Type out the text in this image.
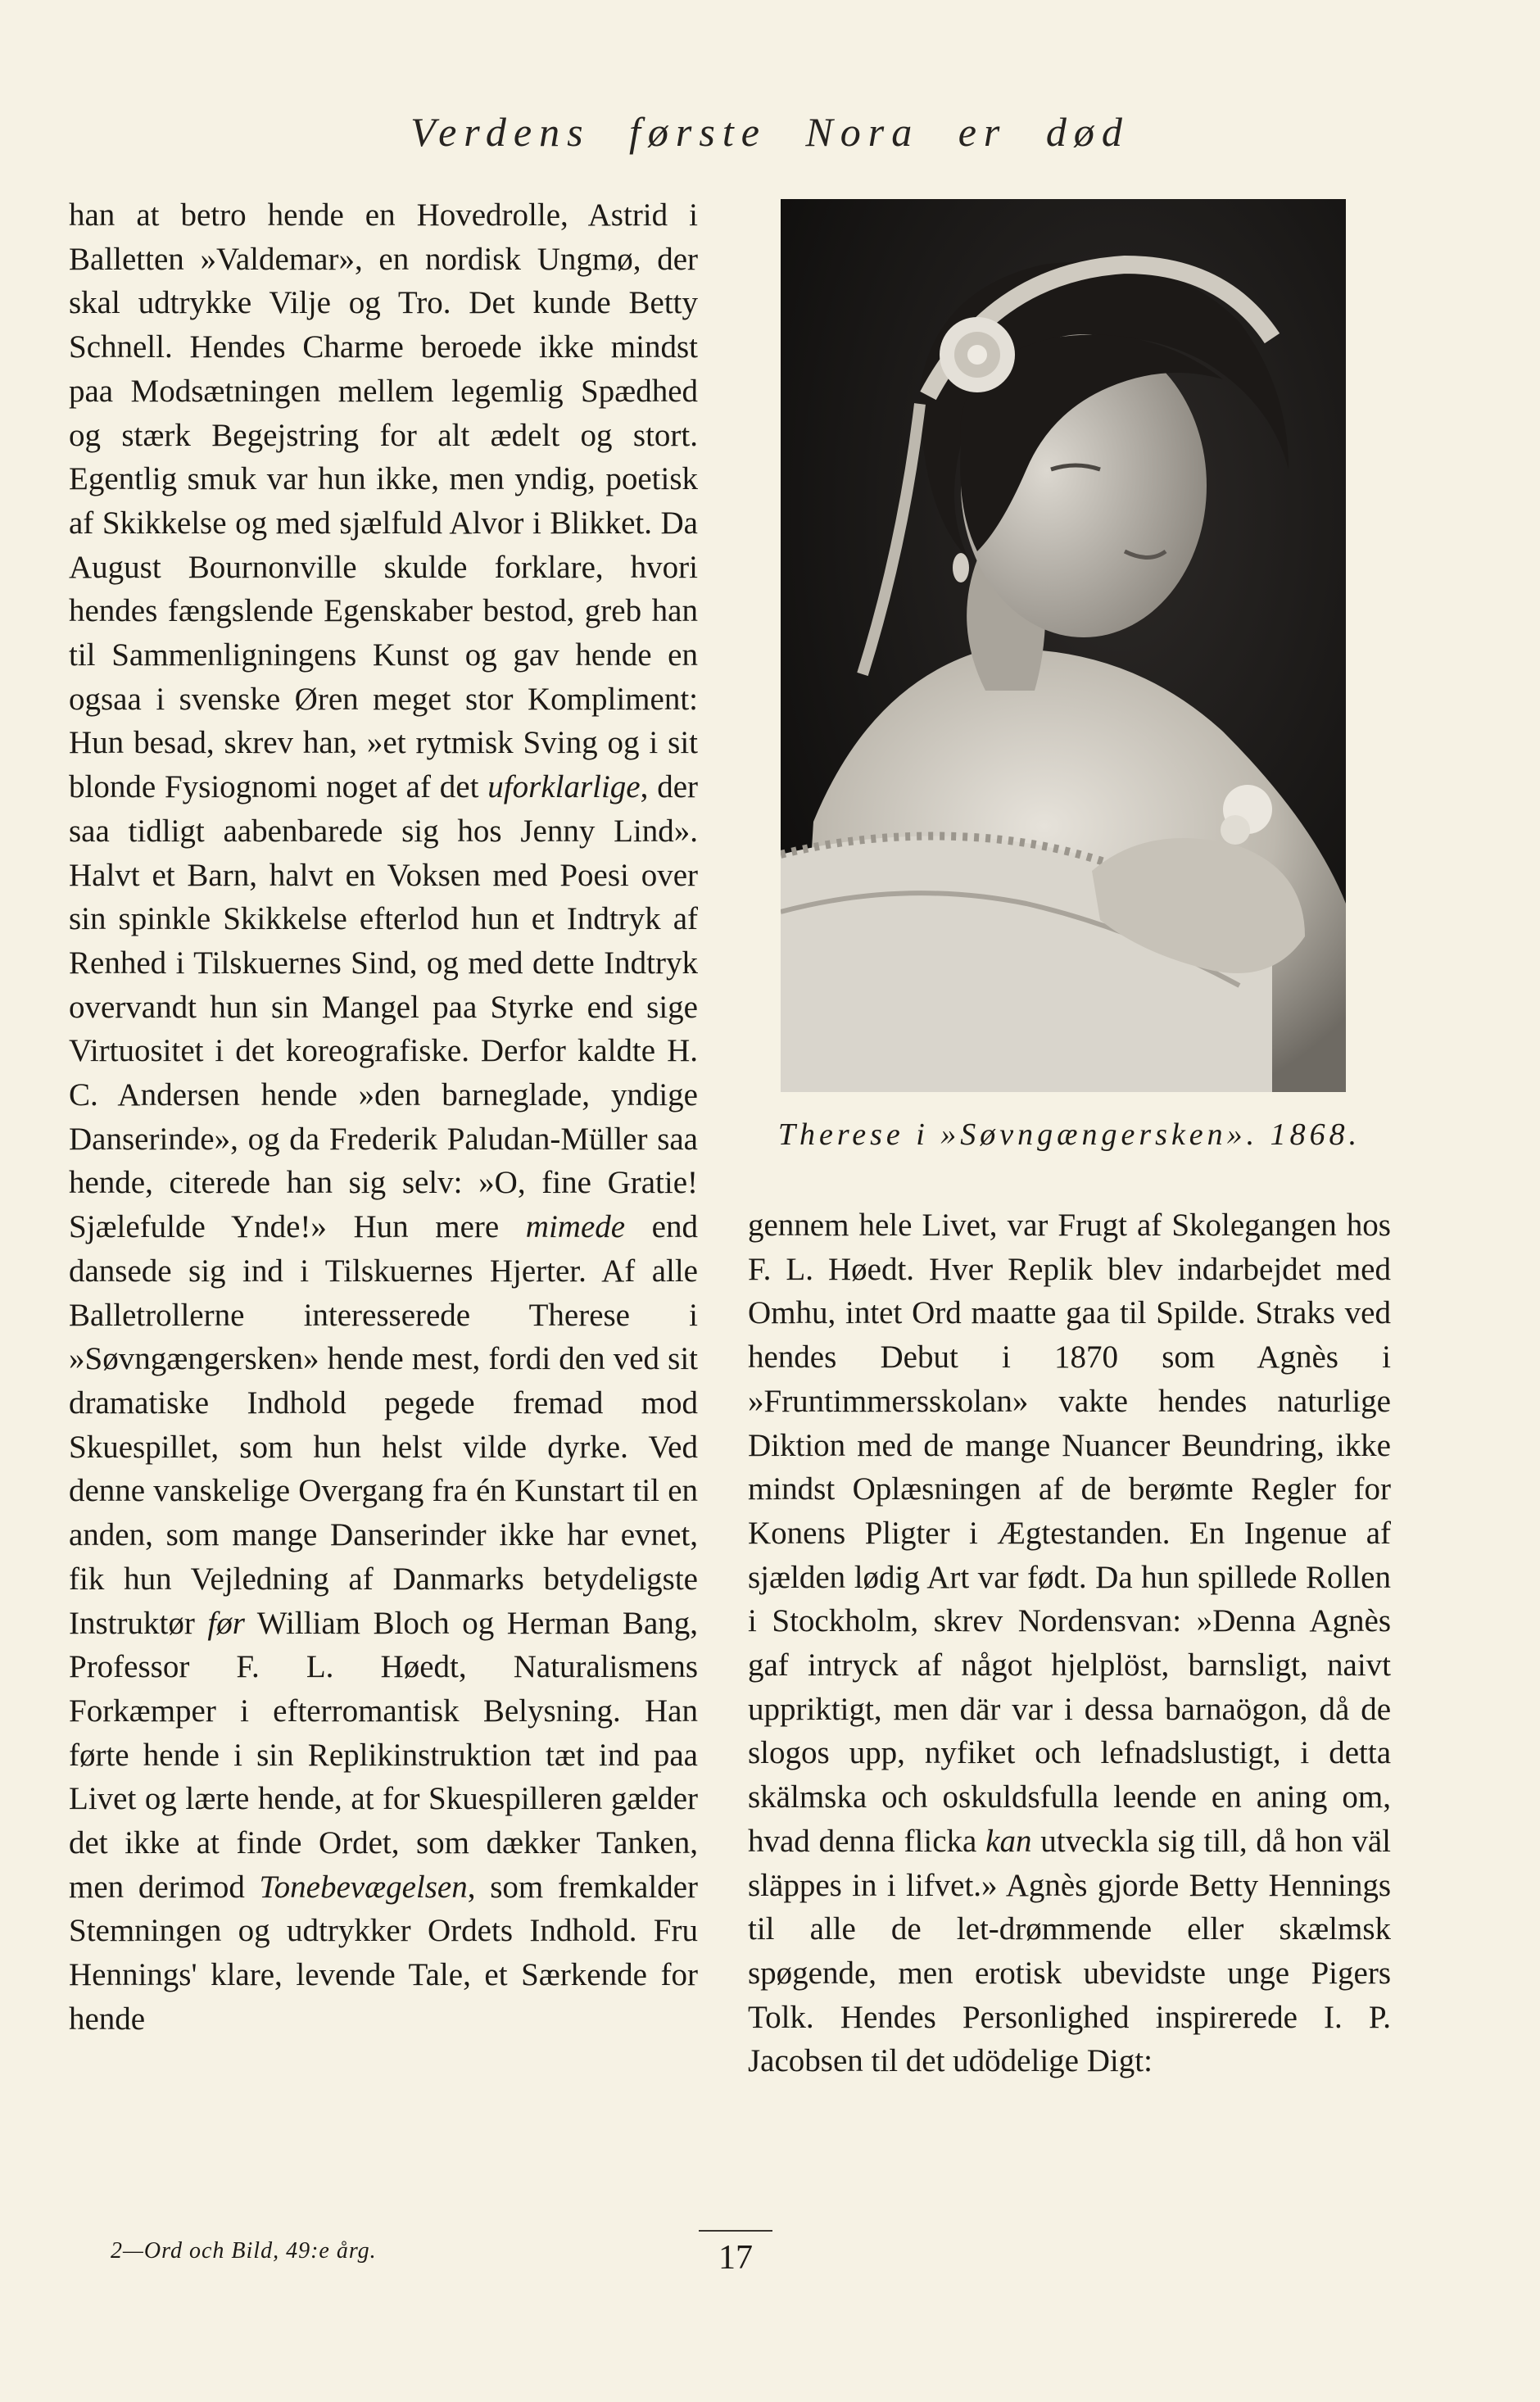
Verdens første Nora er død

han at betro hende en Hovedrolle, Astrid i Balletten »Valdemar», en nordisk Ungmø, der skal udtrykke Vilje og Tro. Det kunde Betty Schnell. Hendes Charme beroede ikke mindst paa Modsætningen mellem legemlig Spædhed og stærk Begejstring for alt ædelt og stort. Egentlig smuk var hun ikke, men yndig, poetisk af Skikkelse og med sjælfuld Alvor i Blikket. Da August Bournonville skulde forklare, hvori hendes fængslende Egenskaber bestod, greb han til Sammenligningens Kunst og gav hende en ogsaa i svenske Øren meget stor Kompliment: Hun besad, skrev han, »et rytmisk Sving og i sit blonde Fysiognomi noget af det uforklarlige, der saa tidligt aabenbarede sig hos Jenny Lind». Halvt et Barn, halvt en Voksen med Poesi over sin spinkle Skikkelse efterlod hun et Indtryk af Renhed i Tilskuernes Sind, og med dette Indtryk overvandt hun sin Mangel paa Styrke end sige Virtuositet i det koreografiske. Derfor kaldte H. C. Andersen hende »den barneglade, yndige Danserinde», og da Frederik Paludan-Müller saa hende, citerede han sig selv: »O, fine Gratie! Sjælefulde Ynde!» Hun mere mimede end dansede sig ind i Tilskuernes Hjerter. Af alle Balletrollerne interesserede Therese i »Søvngængersken» hende mest, fordi den ved sit dramatiske Indhold pegede fremad mod Skuespillet, som hun helst vilde dyrke. Ved denne vanskelige Overgang fra én Kunstart til en anden, som mange Danserinder ikke har evnet, fik hun Vejledning af Danmarks betydeligste Instruktør før William Bloch og Herman Bang, Professor F. L. Høedt, Naturalismens Forkæmper i efterromantisk Belysning. Han førte hende i sin Replikinstruktion tæt ind paa Livet og lærte hende, at for Skuespilleren gælder det ikke at finde Ordet, som dækker Tanken, men derimod Tonebevægelsen, som fremkalder Stemningen og udtrykker Ordets Indhold. Fru Hennings' klare, levende Tale, et Særkende for hende

Therese i »Søvngængersken». 1868.

gennem hele Livet, var Frugt af Skolegangen hos F. L. Høedt. Hver Replik blev indarbejdet med Omhu, intet Ord maatte gaa til Spilde. Straks ved hendes Debut i 1870 som Agnès i »Fruntimmersskolan» vakte hendes naturlige Diktion med de mange Nuancer Beundring, ikke mindst Oplæsningen af de berømte Regler for Konens Pligter i Ægtestanden. En Ingenue af sjælden lødig Art var født. Da hun spillede Rollen i Stockholm, skrev Nordensvan: »Denna Agnès gaf intryck af något hjelplöst, barnsligt, naivt uppriktigt, men där var i dessa barnaögon, då de slogos upp, nyfiket och lefnadslustigt, i detta skälmska och oskuldsfulla leende en aning om, hvad denna flicka kan utveckla sig till, då hon väl släppes in i lifvet.» Agnès gjorde Betty Hennings til alle de let-drømmende eller skælmsk spøgende, men erotisk ubevidste unge Pigers Tolk. Hendes Personlighed inspirerede I. P. Jacobsen til det udödelige Digt:

2—Ord och Bild, 49:e årg.	17
